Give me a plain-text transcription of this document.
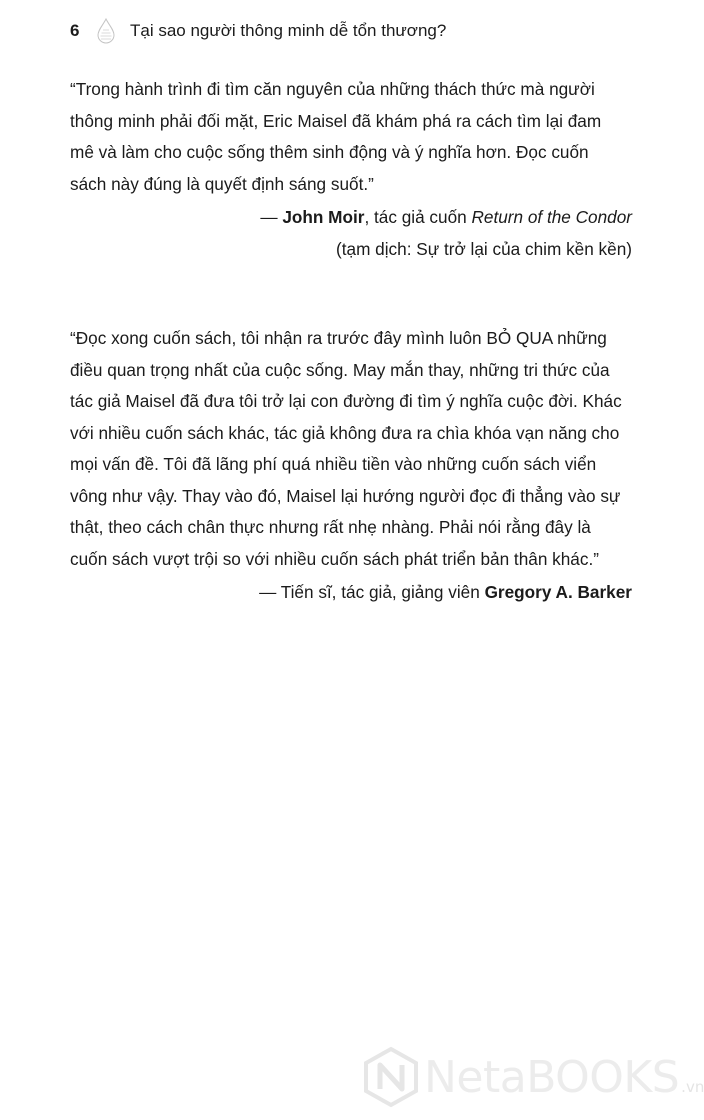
6	Tại sao người thông minh dễ tổn thương?

“Trong hành trình đi tìm căn nguyên của những thách thức mà người
thông minh phải đối mặt, Eric Maisel đã khám phá ra cách tìm lại đam
mê và làm cho cuộc sống thêm sinh động và ý nghĩa hơn. Đọc cuốn
sách này đúng là quyết định sáng suốt.”

— John Moir, tác giả cuốn Return of the Condor
(tạm dịch: Sự trở lại của chim kền kền)

“Đọc xong cuốn sách, tôi nhận ra trước đây mình luôn BỎ QUA những
điều quan trọng nhất của cuộc sống. May mắn thay, những tri thức của
tác giả Maisel đã đưa tôi trở lại con đường đi tìm ý nghĩa cuộc đời. Khác
với nhiều cuốn sách khác, tác giả không đưa ra chìa khóa vạn năng cho
mọi vấn đề. Tôi đã lãng phí quá nhiều tiền vào những cuốn sách viển
vông như vậy. Thay vào đó, Maisel lại hướng người đọc đi thẳng vào sự
thật, theo cách chân thực nhưng rất nhẹ nhàng. Phải nói rằng đây là
cuốn sách vượt trội so với nhiều cuốn sách phát triển bản thân khác.”

— Tiến sĩ, tác giả, giảng viên Gregory A. Barker
NetaBOOKS .vn
